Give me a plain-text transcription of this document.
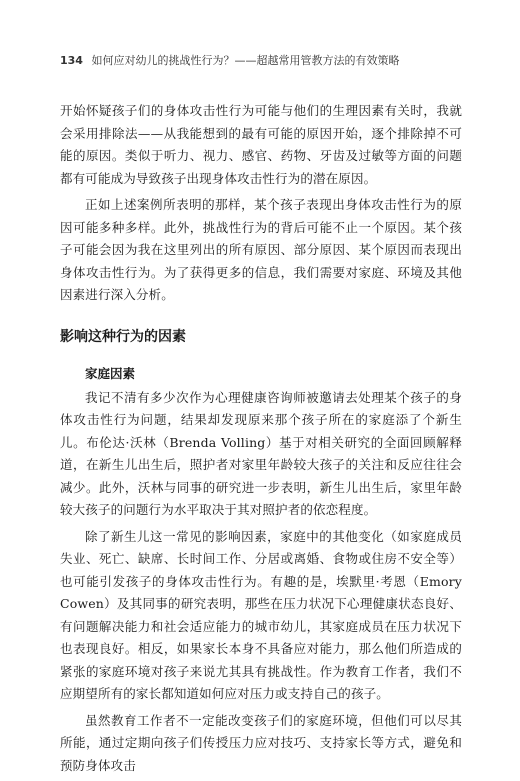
134 如何应对幼儿的挑战性行为？——超越常用管教方法的有效策略

开始怀疑孩子们的身体攻击性行为可能与他们的生理因素有关时，我就会采用排除法——从我能想到的最有可能的原因开始，逐个排除掉不可能的原因。类似于听力、视力、感官、药物、牙齿及过敏等方面的问题都有可能成为导致孩子出现身体攻击性行为的潜在原因。

正如上述案例所表明的那样，某个孩子表现出身体攻击性行为的原因可能多种多样。此外，挑战性行为的背后可能不止一个原因。某个孩子可能会因为我在这里列出的所有原因、部分原因、某个原因而表现出身体攻击性行为。为了获得更多的信息，我们需要对家庭、环境及其他因素进行深入分析。

影响这种行为的因素
家庭因素

我记不清有多少次作为心理健康咨询师被邀请去处理某个孩子的身体攻击性行为问题，结果却发现原来那个孩子所在的家庭添了个新生儿。布伦达·沃林（Brenda Volling）基于对相关研究的全面回顾解释道，在新生儿出生后，照护者对家里年龄较大孩子的关注和反应往往会减少。此外，沃林与同事的研究进一步表明，新生儿出生后，家里年龄较大孩子的问题行为水平取决于其对照护者的依恋程度。

除了新生儿这一常见的影响因素，家庭中的其他变化（如家庭成员失业、死亡、缺席、长时间工作、分居或离婚、食物或住房不安全等）也可能引发孩子的身体攻击性行为。有趣的是，埃默里·考恩（Emory Cowen）及其同事的研究表明，那些在压力状况下心理健康状态良好、有问题解决能力和社会适应能力的城市幼儿，其家庭成员在压力状况下也表现良好。相反，如果家长本身不具备应对能力，那么他们所造成的紧张的家庭环境对孩子来说尤其具有挑战性。作为教育工作者，我们不应期望所有的家长都知道如何应对压力或支持自己的孩子。

虽然教育工作者不一定能改变孩子们的家庭环境，但他们可以尽其所能，通过定期向孩子们传授压力应对技巧、支持家长等方式，避免和预防身体攻击
